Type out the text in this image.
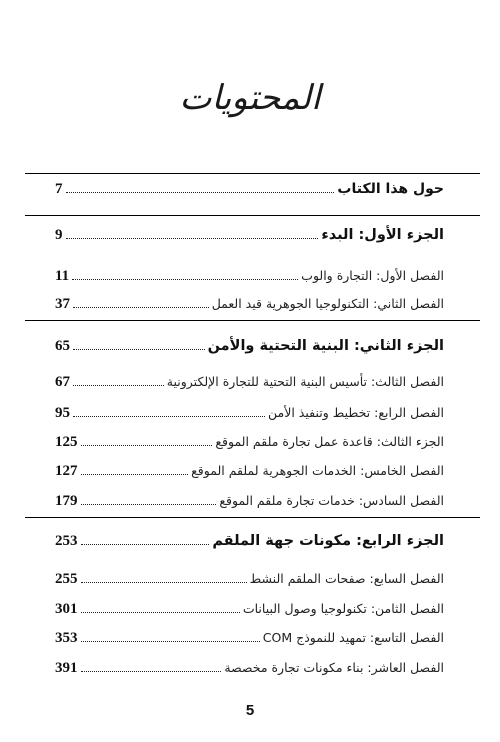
المحتويات
7	حول هذا الكتاب
9	الجزء الأول: البدء
11	الفصل الأول: التجارة والوب
37	الفصل الثاني: التكنولوجيا الجوهرية قيد العمل
65	الجزء الثاني: البنية التحتية والأمن
67	الفصل الثالث: تأسيس البنية التحتية للتجارة الإلكترونية
95	الفصل الرابع: تخطيط وتنفيذ الأمن
125	الجزء الثالث: قاعدة عمل تجارة ملقم الموقع
127	الفصل الخامس: الخدمات الجوهرية لملقم الموقع
179	الفصل السادس: خدمات تجارة ملقم الموقع
253	الجزء الرابع: مكونات جهة الملقم
255	الفصل السابع: صفحات الملقم النشط
301	الفصل الثامن: تكنولوجيا وصول البيانات
353	الفصل التاسع: تمهيد للنموذج COM
391	الفصل العاشر: بناء مكونات تجارة مخصصة
5
